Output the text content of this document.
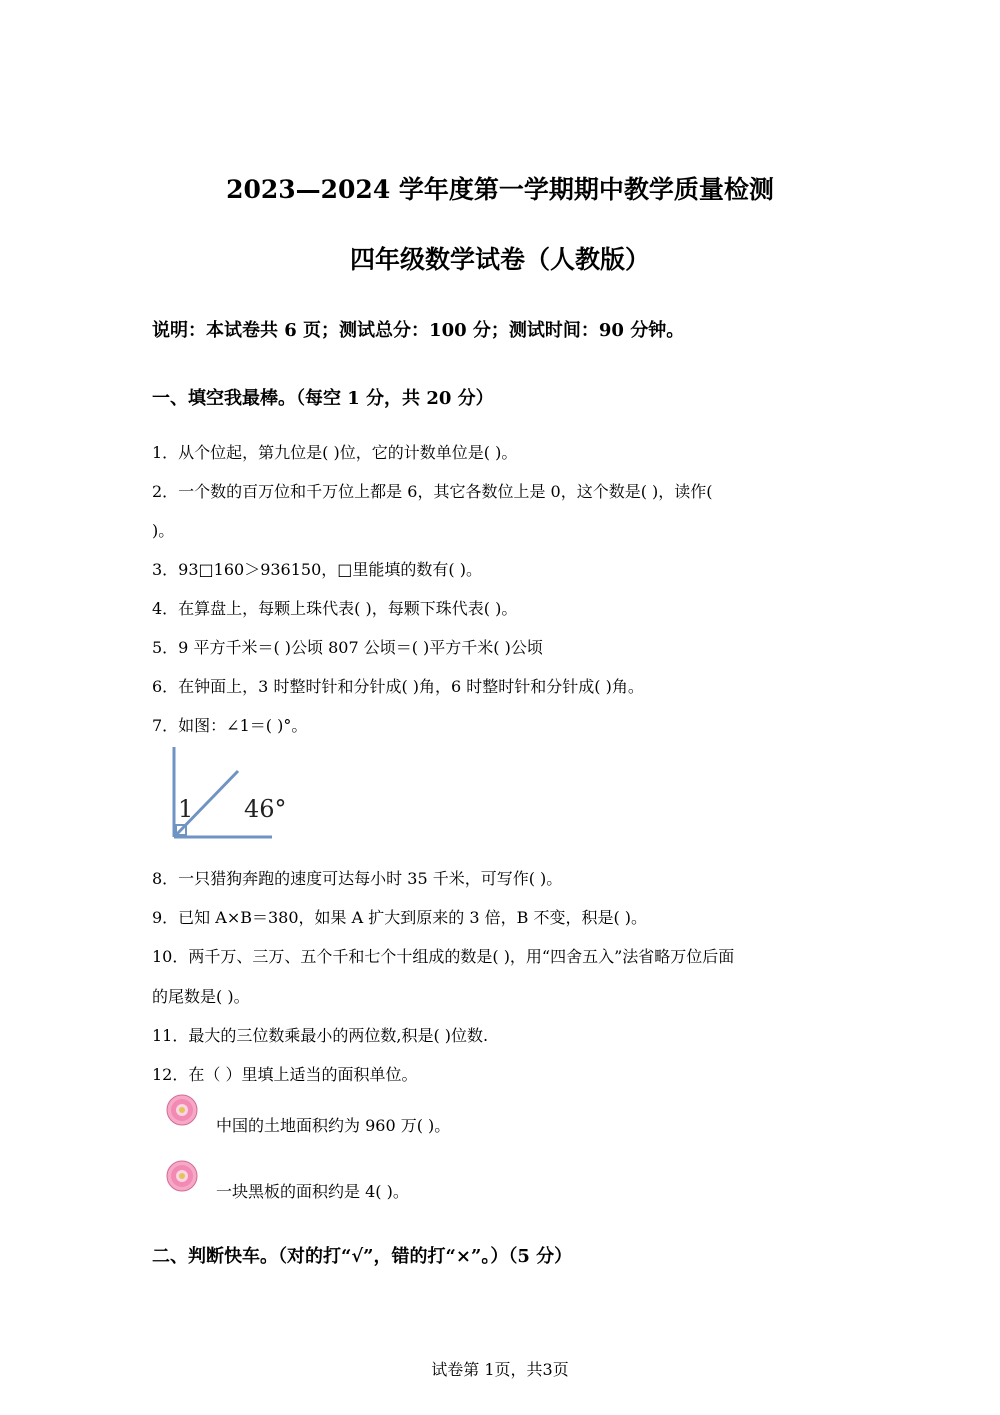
2023—2024 学年度第一学期期中教学质量检测
四年级数学试卷（人教版）
说明：本试卷共 6 页；测试总分：100 分；测试时间：90 分钟。
一、填空我最棒。（每空 1 分，共 20 分）
1．从个位起，第九位是( )位，它的计数单位是( )。
2．一个数的百万位和千万位上都是 6，其它各数位上是 0，这个数是( )，读作(
)。
3．93□160＞936150，□里能填的数有( )。
4．在算盘上，每颗上珠代表( )，每颗下珠代表( )。
5．9 平方千米＝( )公顷 807 公顷＝( )平方千米( )公顷
6．在钟面上，3 时整时针和分针成( )角，6 时整时针和分针成( )角。
7．如图：∠1＝( )°。
1 46°
8．一只猎狗奔跑的速度可达每小时 35 千米，可写作( )。
9．已知 A×B＝380，如果 A 扩大到原来的 3 倍，B 不变，积是( )。
10．两千万、三万、五个千和七个十组成的数是( )，用“四舍五入”法省略万位后面
的尾数是( )。
11．最大的三位数乘最小的两位数,积是( )位数.
12．在（ ）里填上适当的面积单位。
中国的土地面积约为 960 万( )。
一块黑板的面积约是 4( )。
二、判断快车。（对的打“√”，错的打“×”。）（5 分）
试卷第 1页，共3页
